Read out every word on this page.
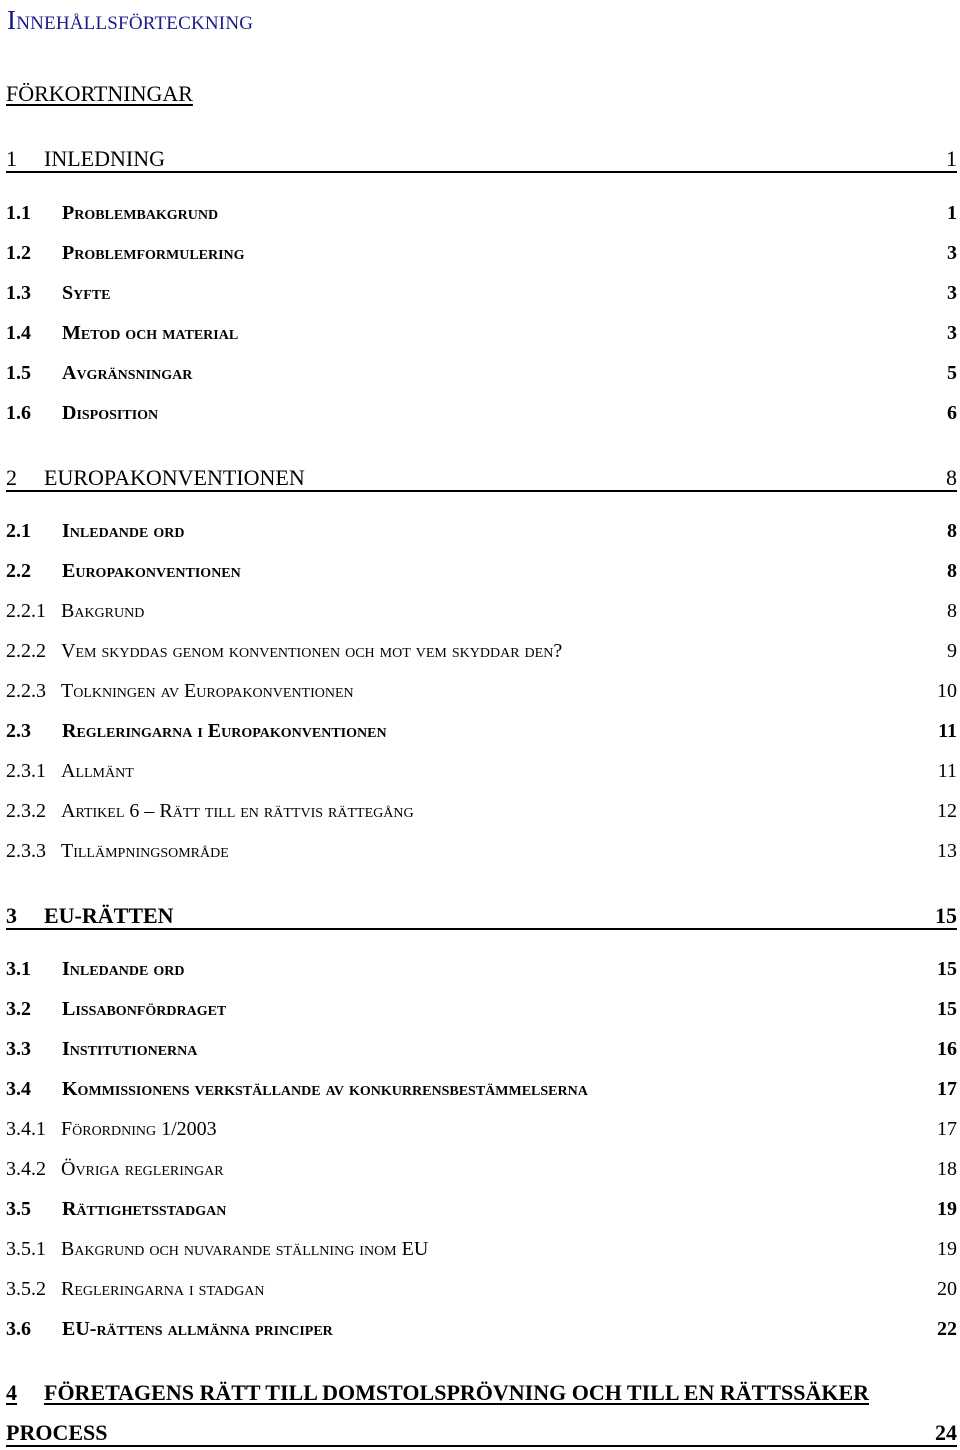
Innehållsförteckning
FÖRKORTNINGAR
1 INLEDNING	1
1.1 Problembakgrund	1
1.2 Problemformulering	3
1.3 Syfte	3
1.4 Metod och material	3
1.5 Avgränsningar	5
1.6 Disposition	6
2 EUROPAKONVENTIONEN	8
2.1 Inledande ord	8
2.2 Europakonventionen	8
2.2.1 Bakgrund	8
2.2.2 Vem skyddas genom konventionen och mot vem skyddar den?	9
2.2.3 Tolkningen av Europakonventionen	10
2.3 Regleringarna i Europakonventionen	11
2.3.1 Allmänt	11
2.3.2 Artikel 6 – Rätt till en rättvis rättegång	12
2.3.3 Tillämpningsområde	13
3 EU-RÄTTEN	15
3.1 Inledande ord	15
3.2 Lissabonfördraget	15
3.3 Institutionerna	16
3.4 Kommissionens verkställande av konkurrensbestämmelserna	17
3.4.1 Förordning 1/2003	17
3.4.2 Övriga regleringar	18
3.5 Rättighetsstadgan	19
3.5.1 Bakgrund och nuvarande ställning inom EU	19
3.5.2 Regleringarna i stadgan	20
3.6 EU-rättens allmänna principer	22
4 FÖRETAGENS RÄTT TILL DOMSTOLSPRÖVNING OCH TILL EN RÄTTSSÄKER
PROCESS	24
